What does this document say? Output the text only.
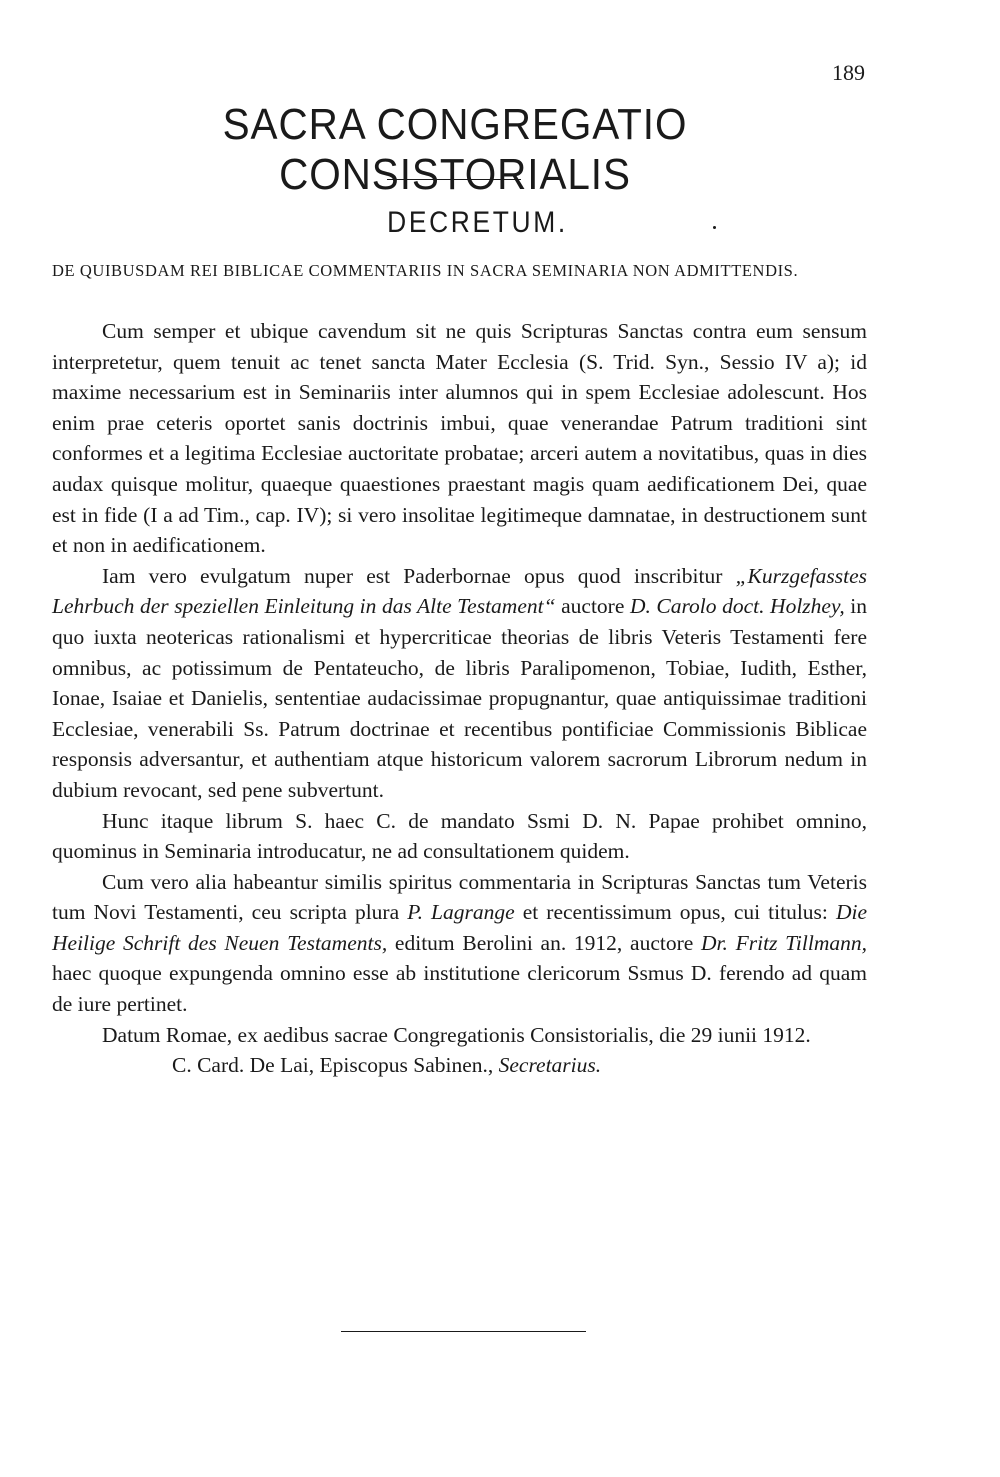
189
SACRA CONGREGATIO CONSISTORIALIS
DECRETUM.
DE QUIBUSDAM REI BIBLICAE COMMENTARIIS IN SACRA SEMINARIA NON ADMITTENDIS.

Cum semper et ubique cavendum sit ne quis Scripturas Sanctas contra eum sensum interpretetur, quem tenuit ac tenet sancta Mater Ecclesia (S. Trid. Syn., Sessio IV a); id maxime necessarium est in Seminariis inter alumnos qui in spem Ecclesiae adolescunt. Hos enim prae ceteris oportet sanis doctrinis imbui, quae venerandae Patrum traditioni sint conformes et a legitima Ecclesiae auctoritate probatae; arceri autem a novitatibus, quas in dies audax quisque molitur, quaeque quaestiones praestant magis quam aedificationem Dei, quae est in fide (I a ad Tim., cap. IV); si vero insolitae legitimeque damnatae, in destructionem sunt et non in aedificationem.

Iam vero evulgatum nuper est Paderbornae opus quod inscribitur „Kurzgefasstes Lehrbuch der speziellen Einleitung in das Alte Testament“ auctore D. Carolo doct. Holzhey, in quo iuxta neotericas rationalismi et hypercriticae theorias de libris Veteris Testamenti fere omnibus, ac potissimum de Pentateucho, de libris Paralipomenon, Tobiae, Iudith, Esther, Ionae, Isaiae et Danielis, sententiae audacissimae propugnantur, quae antiquissimae traditioni Ecclesiae, venerabili Ss. Patrum doctrinae et recentibus pontificiae Commissionis Biblicae responsis adversantur, et authentiam atque historicum valorem sacrorum Librorum nedum in dubium revocant, sed pene subvertunt.

Hunc itaque librum S. haec C. de mandato Ssmi D. N. Papae prohibet omnino, quominus in Seminaria introducatur, ne ad consultationem quidem.

Cum vero alia habeantur similis spiritus commentaria in Scripturas Sanctas tum Veteris tum Novi Testamenti, ceu scripta plura P. Lagrange et recentissimum opus, cui titulus: Die Heilige Schrift des Neuen Testaments, editum Berolini an. 1912, auctore Dr. Fritz Tillmann, haec quoque expungenda omnino esse ab institutione clericorum Ssmus D. ferendo ad quam de iure pertinet.

Datum Romae, ex aedibus sacrae Congregationis Consistorialis, die 29 iunii 1912.

C. Card. De Lai, Episcopus Sabinen., Secretarius.
